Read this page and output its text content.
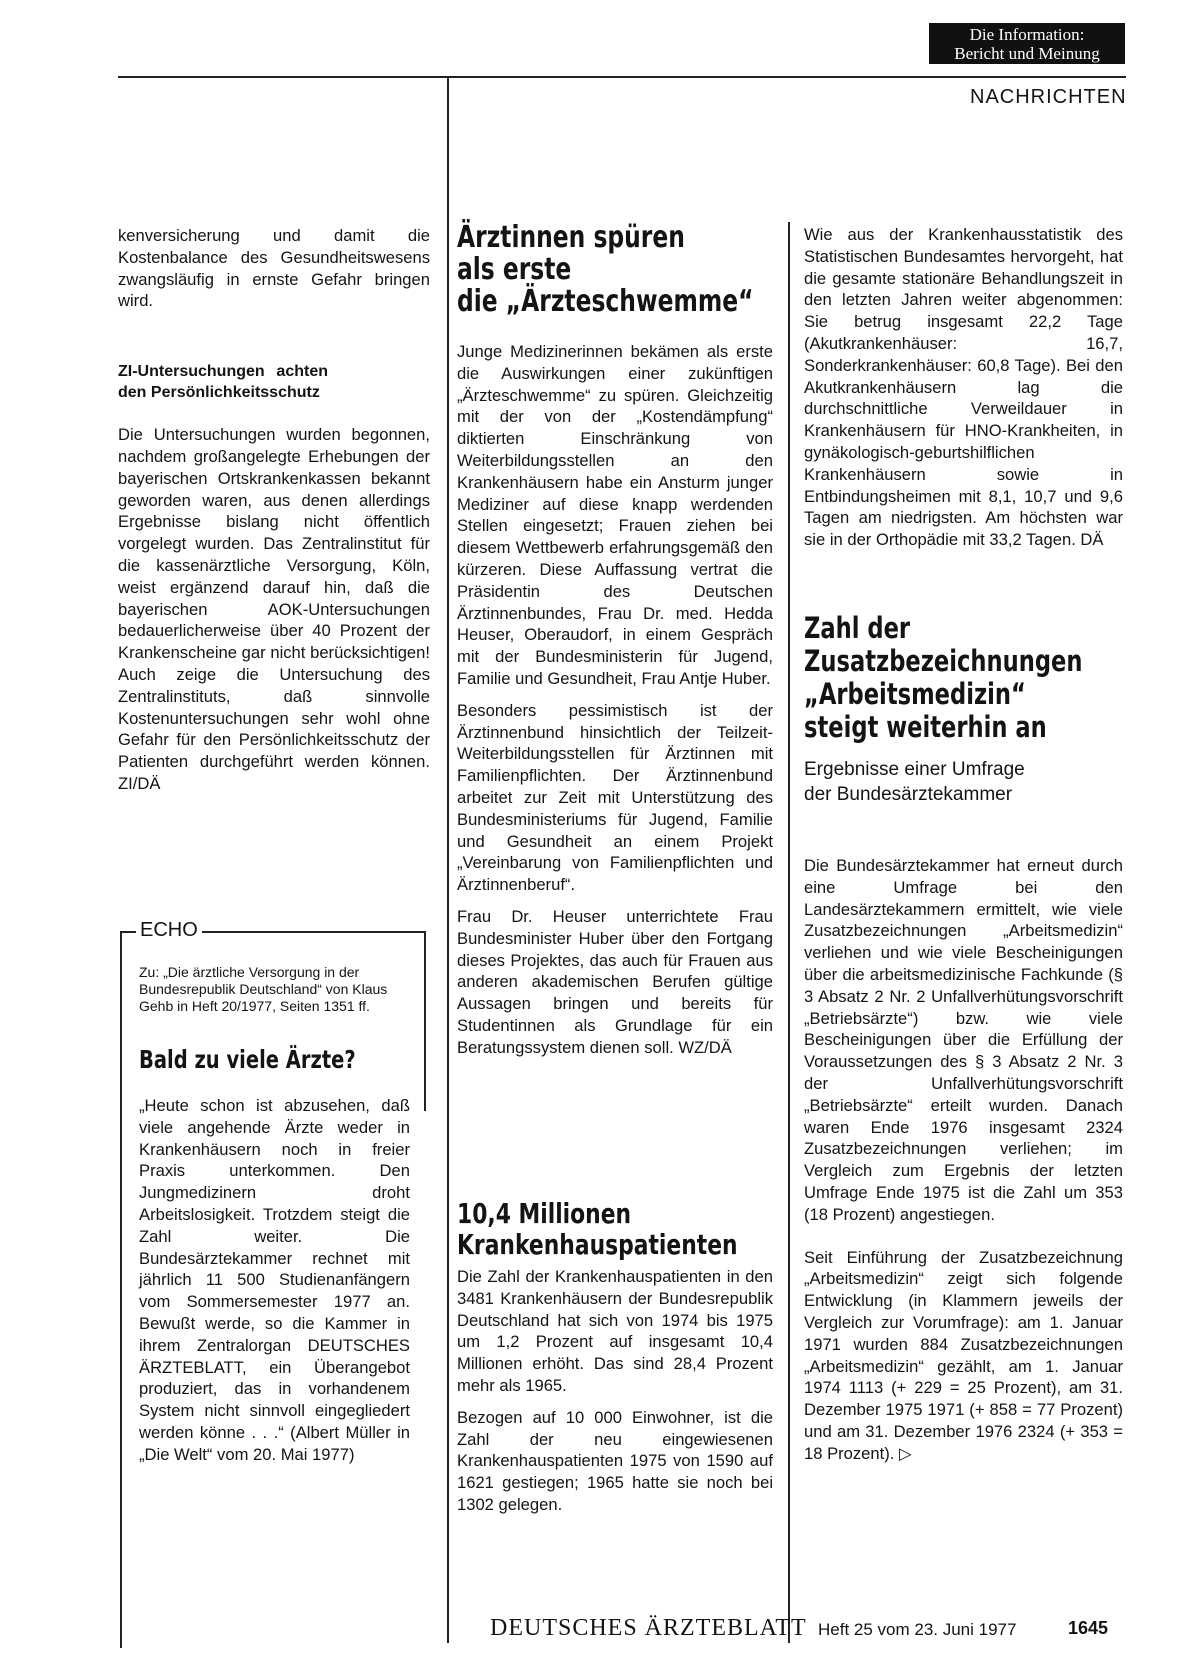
Die Information:
Bericht und Meinung
NACHRICHTEN

kenversicherung und damit die Kostenbalance des Gesundheitswesens zwangsläufig in ernste Gefahr bringen wird.

ZI-Untersuchungen achten den Persönlichkeitsschutz

Die Untersuchungen wurden begonnen, nachdem großangelegte Erhebungen der bayerischen Ortskrankenkassen bekannt geworden waren, aus denen allerdings Ergebnisse bislang nicht öffentlich vorgelegt wurden. Das Zentralinstitut für die kassenärztliche Versorgung, Köln, weist ergänzend darauf hin, daß die bayerischen AOK-Untersuchungen bedauerlicherweise über 40 Prozent der Krankenscheine gar nicht berücksichtigen! Auch zeige die Untersuchung des Zentralinstituts, daß sinnvolle Kostenuntersuchungen sehr wohl ohne Gefahr für den Persönlichkeitsschutz der Patienten durchgeführt werden können. ZI/DÄ

ECHO

Zu: „Die ärztliche Versorgung in der Bundesrepublik Deutschland“ von Klaus Gehb in Heft 20/1977, Seiten 1351 ff.

Bald zu viele Ärzte?

„Heute schon ist abzusehen, daß viele angehende Ärzte weder in Krankenhäusern noch in freier Praxis unterkommen. Den Jungmedizinern droht Arbeitslosigkeit. Trotzdem steigt die Zahl weiter. Die Bundesärztekammer rechnet mit jährlich 11 500 Studienanfängern vom Sommersemester 1977 an. Bewußt werde, so die Kammer in ihrem Zentralorgan DEUTSCHES ÄRZTEBLATT, ein Überangebot produziert, das in vorhandenem System nicht sinnvoll eingegliedert werden könne . . .“ (Albert Müller in „Die Welt“ vom 20. Mai 1977)

Ärztinnen spüren
als erste
die „Ärzteschwemme“

Junge Medizinerinnen bekämen als erste die Auswirkungen einer zukünftigen „Ärzteschwemme“ zu spüren. Gleichzeitig mit der von der „Kostendämpfung“ diktierten Einschränkung von Weiterbildungsstellen an den Krankenhäusern habe ein Ansturm junger Mediziner auf diese knapp werdenden Stellen eingesetzt; Frauen ziehen bei diesem Wettbewerb erfahrungsgemäß den kürzeren. Diese Auffassung vertrat die Präsidentin des Deutschen Ärztinnenbundes, Frau Dr. med. Hedda Heuser, Oberaudorf, in einem Gespräch mit der Bundesministerin für Jugend, Familie und Gesundheit, Frau Antje Huber.

Besonders pessimistisch ist der Ärztinnenbund hinsichtlich der Teilzeit-Weiterbildungsstellen für Ärztinnen mit Familienpflichten. Der Ärztinnenbund arbeitet zur Zeit mit Unterstützung des Bundesministeriums für Jugend, Familie und Gesundheit an einem Projekt „Vereinbarung von Familienpflichten und Ärztinnenberuf“.

Frau Dr. Heuser unterrichtete Frau Bundesminister Huber über den Fortgang dieses Projektes, das auch für Frauen aus anderen akademischen Berufen gültige Aussagen bringen und bereits für Studentinnen als Grundlage für ein Beratungssystem dienen soll. WZ/DÄ

10,4 Millionen
Krankenhauspatienten

Die Zahl der Krankenhauspatienten in den 3481 Krankenhäusern der Bundesrepublik Deutschland hat sich von 1974 bis 1975 um 1,2 Prozent auf insgesamt 10,4 Millionen erhöht. Das sind 28,4 Prozent mehr als 1965.

Bezogen auf 10 000 Einwohner, ist die Zahl der neu eingewiesenen Krankenhauspatienten 1975 von 1590 auf 1621 gestiegen; 1965 hatte sie noch bei 1302 gelegen.

Wie aus der Krankenhausstatistik des Statistischen Bundesamtes hervorgeht, hat die gesamte stationäre Behandlungszeit in den letzten Jahren weiter abgenommen: Sie betrug insgesamt 22,2 Tage (Akutkrankenhäuser: 16,7, Sonderkrankenhäuser: 60,8 Tage). Bei den Akutkrankenhäusern lag die durchschnittliche Verweildauer in Krankenhäusern für HNO-Krankheiten, in gynäkologisch-geburtshilflichen Krankenhäusern sowie in Entbindungsheimen mit 8,1, 10,7 und 9,6 Tagen am niedrigsten. Am höchsten war sie in der Orthopädie mit 33,2 Tagen. DÄ

Zahl der
Zusatzbezeichnungen
„Arbeitsmedizin“
steigt weiterhin an
Ergebnisse einer Umfrage
der Bundesärztekammer

Die Bundesärztekammer hat erneut durch eine Umfrage bei den Landesärztekammern ermittelt, wie viele Zusatzbezeichnungen „Arbeitsmedizin“ verliehen und wie viele Bescheinigungen über die arbeitsmedizinische Fachkunde (§ 3 Absatz 2 Nr. 2 Unfallverhütungsvorschrift „Betriebsärzte“) bzw. wie viele Bescheinigungen über die Erfüllung der Voraussetzungen des § 3 Absatz 2 Nr. 3 der Unfallverhütungsvorschrift „Betriebsärzte“ erteilt wurden. Danach waren Ende 1976 insgesamt 2324 Zusatzbezeichnungen verliehen; im Vergleich zum Ergebnis der letzten Umfrage Ende 1975 ist die Zahl um 353 (18 Prozent) angestiegen.

Seit Einführung der Zusatzbezeichnung „Arbeitsmedizin“ zeigt sich folgende Entwicklung (in Klammern jeweils der Vergleich zur Vorumfrage): am 1. Januar 1971 wurden 884 Zusatzbezeichnungen „Arbeitsmedizin“ gezählt, am 1. Januar 1974 1113 (+ 229 = 25 Prozent), am 31. Dezember 1975 1971 (+ 858 = 77 Prozent) und am 31. Dezember 1976 2324 (+ 353 = 18 Prozent). ▷

DEUTSCHES ÄRZTEBLATT Heft 25 vom 23. Juni 1977	1645
